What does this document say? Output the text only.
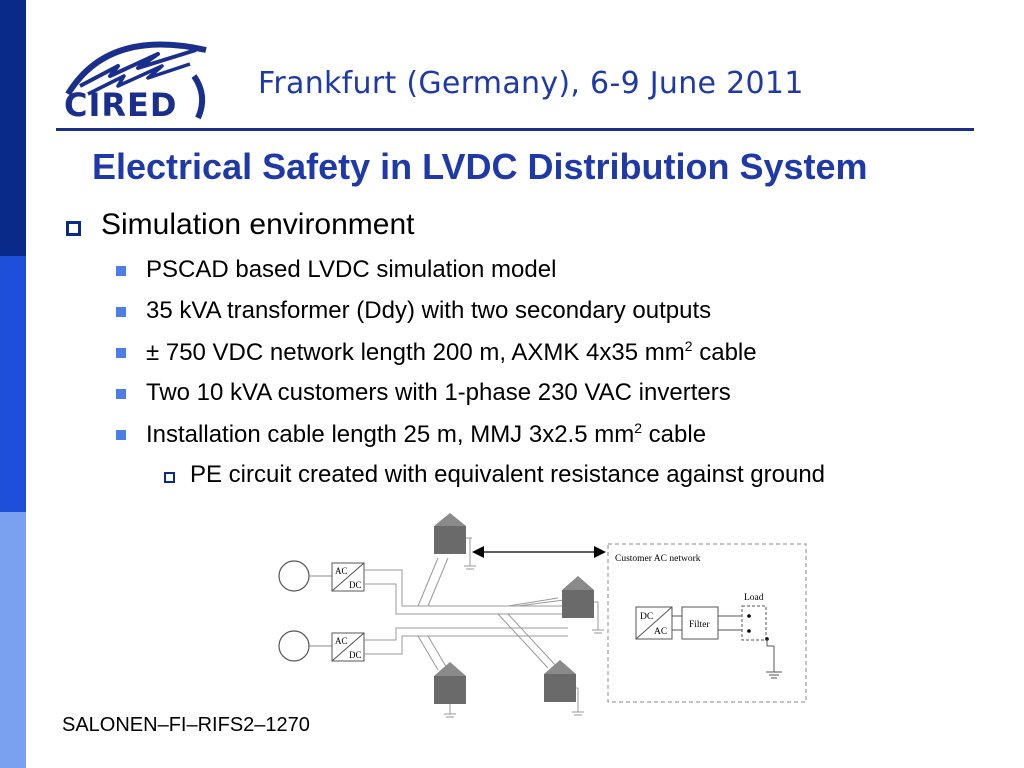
CIRED
Frankfurt (Germany), 6-9 June 2011
Electrical Safety in LVDC Distribution System
Simulation environment
PSCAD based LVDC simulation model
35 kVA transformer (Ddy) with two secondary outputs
± 750 VDC network length 200 m, AXMK 4x35 $mm^2$ cable
Two 10 kVA customers with 1-phase 230 VAC inverters
Installation cable length 25 m, MMJ 3x2.5 $mm^2$ cable
PE circuit created with equivalent resistance against ground
AC
DC
AC
DC
Customer AC network
DC
AC
Filter
Load
SALONEN–FI–RIFS2–1270
